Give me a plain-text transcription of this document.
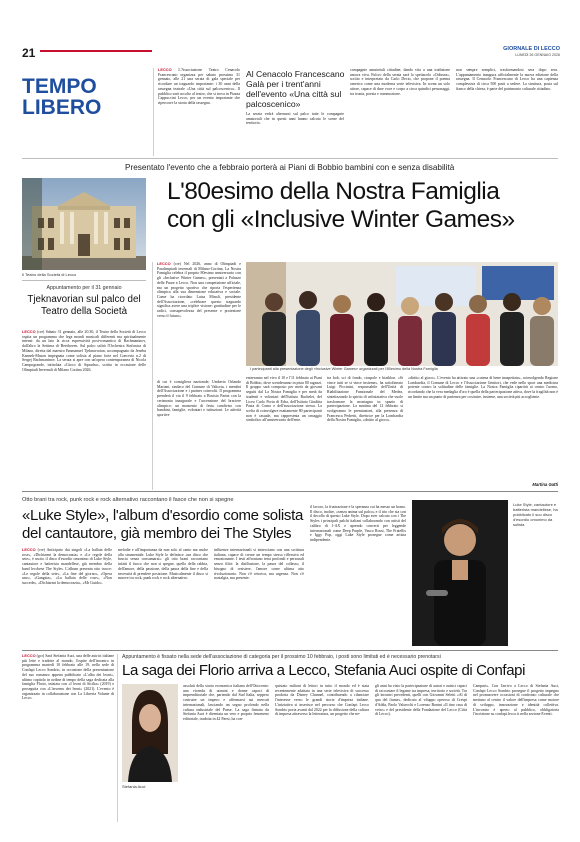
21	GIORNALE DI LECCO
LUNEDÌ 26 GENNAIO 2026
TEMPO
LIBERO
LECCO L'Associazione Teatro Cenacolo Francescano organizza per sabato prossimo 31 gennaio, alle 21 una serata di gala speciale per ricordare un traguardo importante: i 30 anni della rassegna teatrale «Una città sul palcoscenico». Il pubblico sarà accolto al teatro, che si trova in Piazza Cappuccini Lecco, per un evento importante che ripercorre la storia della rassegna.
Al Cenacolo Francescano Galà per i trent'anni dell'evento «Una città sul palcoscenico»
La serata vedrà alternarsi sul palco tutte le compagnie amatoriali che in questi anni hanno calcato le scene del territorio.
compagnie amatoriali cittadine, dando vita a una tradizione ancora viva. Fulcro della serata sarà lo spettacolo «Odissea», scritto e interpretato da Carlo Decio, che propone il poema omerico come una moderna serie televisiva. In scena un solo attore, capace di dare voce e corpo a circa quindici personaggi, tra ironia, poesia e commozione.
non sempre semplici, trasformandosi sera dopo sera. L'appuntamento inaugura ufficialmente la nuova edizione della rassegna. Il Cenacolo Francescano di Lecco ha una capienza complessiva di circa 500 posti a sedere. La struttura, posta sul fianco della chiesa, è parte del patrimonio culturale cittadino.
Presentato l'evento che a febbraio porterà ai Piani di Bobbio bambini con e senza disabilità
L'80esimo della Nostra Famiglia
con gli «Inclusive Winter Games»
Il Teatro della Società di Lecco
Appuntamento per il 31 gennaio
Tjeknavorian sul palco del Teatro della Società
LECCO (cre) Sabato 31 gennaio, alle 20.30, il Teatro della Società di Lecco ospita un programma che lega mondi musicali differenti ma spiritualmente intensi: da un lato la ricca espressività post-romantica di Rachmaninov, dall'altro la Settima di Beethoven. Sul palco salirà l'Orchestra Sinfonica di Milano, diretta dal maestro Emmanuel Tjeknavorian, accompagnato da Jeneba Kanneh-Mason impegnata come solista al piano forte nel Concerto n.2 di Sergej Rachmaninov. La serata si apre con un'opera contemporanea di Nicola Campogrande, intitolata «Gioco di Squadra», scritta in occasione delle Olimpiadi Invernali di Milano Cortina 2026.
LECCO (cre) Nel 2026, anno di Olimpiadi e Paralimpiadi invernali di Milano-Cortina, La Nostra Famiglia celebra il proprio 80esimo anniversario con gli «Inclusive Winter Games», presentati a Palazzo delle Paure a Lecco. Non una competizione ufficiale, ma un progetto sportivo che riporta l'esperienza olimpica alla sua dimensione educativa e sociale. Come ha ricordato Luisa Minoli, presidente dell'Associazione, «celebrare questo traguardo significa avere una triplice visione: gratitudine per le radici, consapevolezza del presente e proiezione verso il futuro».
di cui è consigliera nazionale; Umberto Orlando Mariani, sindaco del Comune di Valtorta, i membri dell'Associazione e i partner coinvolti. Il programma prenderà il via il 9 febbraio a Bosisio Parini con la cerimonia inaugurale e l'accensione del braciere olimpico: un momento di festa condiviso con bambini, famiglie, volontari e istituzioni. Le attività sportive
I partecipanti alla presentazione degli «Inclusive Winter Games» organizzati per l'80esimo della Nostra Famiglia
entreranno nel vivo il 10 e l'11 febbraio ai Piani di Bobbio, dove scenderanno in pista 80 ragazzi. Il gruppo sarà composto per metà da giovani seguiti dal La Nostra Famiglia e per metà da studenti e volontari dell'Istituto Bachelet, del Liceo Carlo Porta di Erba, dell'Istituto Giuditta Pasta di Como e dell'associazione stessa. La scelta di coinvolgere esattamente 80 partecipanti non è casuale, ma rappresenta un omaggio simbolico all'anniversario dell'ente.
tra bob, sci di fondo, ciaspole e biathlon. «Si vince tutti se si vince insieme», ha sottolineato Luigi Piccinini, responsabile dell'Unità di Riabilitazione Funzionale del Medea, sintetizzando lo spirito di un'iniziativa che vuole trasformare la montagna in spazio di partecipazione. La mattina del 12 febbraio si svolgeranno le premiazioni, alla presenza di Francesca Pedretti, direttrice per la Lombardia della Nostra Famiglia, «diritto al gioco».
«diritto al gioco». L'evento ha attivato una «catena di bene inaspettata», coinvolgendo Regione Lombardia, il Comune di Lecco e l'Associazione Genitori, che vede nello sport una medicina potente contro la solitudine delle famiglie. La Nostra Famiglia ripartirà ai centro l'uomo, ricordando che la vera medaglia d'oro è quella della partecipazione attiva, dove la fragilità non è un limite ma un punto di partenza per costruire, insieme, una società più accogliente.
Martina Gatti
Otto brani tra rock, punk rock e rock alternativo raccontano il fasce che non si spegne
«Luke Style», l'album d'esordio come solista
del cantautore, già membro dei The Styles
LECCO (cre) Anticipato dai singoli «La ballata delle rose», «Dichiarmi la democrazia» e «Le regole della sete», è uscito il disco d'esordio omonimo di Luke Style, cantautore e batterista mandellese, già membro della band lecchese The Styles. L'album presenta otto tracce: «Le regole della sete», «La fine del giorno», «Opera uno», «Gangsta», «La ballata delle rose», «Non succede», «Dichiarmi la democrazia», «Mr Guido».
melodie e all'importanza da non solo al canto ma anche alla strumentale. Luke Style lo definisce «un disco che brucia senza consumarsi»: gli otto brani raccontano infatti il fuoco che non si spegne, quello della rabbia, dell'amore, della passione, della paura della fine e della necessità di prendere posizione. Musicalmente il disco si muove tra rock, punk rock e rock alternativo.
influenze internazionali si intrecciano con una scrittura italiana, capace di creare un tempo stesso riflessiva ed emozionante. I testi affrontano temi profondi e personali senza filtri: la disillusione, la paura del collasso, il bisogno di resistere, l'amore come ultima atto rivoluzionario. Non c'è retorica, ma urgenza. Non c'è nostalgia, ma presente.
il lavoro, la frustrazione e la speranza cui ha messo un brano. Il disco, inoltre, «senza anima sul palco» e il trio che sta con il decollo di questo Luke Style. Dopo aver calcato con i The Styles i principali palchi italiani collaborando con artisti del calibro di J-AX e aprendo concerti per leggende internazionali come Deep Purple, Vasco Rossi, The Fratellis e Iggy Pop, oggi Luke Style prosegue come artista indipendente.
Luke Style, cantautore e batterista mandellese, ha pubblicato il suo disco d'esordio omonimo da solista
LECCO (gcr) Sarà Stefania Auci, una delle autrici italiane più lette e tradotte al mondo, l'ospite dell'incontro in programma martedì 10 febbraio alle 19, nella sede di Confapi Lecco Sondrio, in occasione della presentazione del suo romanzo appena pubblicato «L'alba dei leoni», ultimo capitolo in ordine di tempo della saga dedicata alla famiglia Florio, iniziata con «I leoni di Sicilia» (2019) e proseguita con «L'inverno dei leoni» (2021). L'evento è organizzato in collaborazione con La Libreria Volante di Lecco.
Appuntamento è fissato nella sede dell'associazione di categoria per il prossimo 10 febbraio, i posti sono limitati ed è necessario prenotarsi
La saga dei Florio arriva a Lecco, Stefania Auci ospite di Confapi
Stefania Auci
assoluti della storia economica italiana dell'Ottocento: una vicenda di uomini e donne capaci di imprenditoriale che, partendo dal Sud Italia, seppero costruire un impero e affermarsi sui mercati internazionali, lasciando un segno profondo nella cultura industriale del Paese. La saga firmata da Stefania Auci è diventata un vero e proprio fenomeno editoriale, tradotta in 42 Paesi, ha con-
quistato milioni di lettori in tutto il mondo ed è stata recentemente adattata in una serie televisiva di successo prodotta da Disney Channel, contribuendo a rilanciare l'interesse verso le grandi storie d'impresa italiane. L'iniziativa si inserisce nel percorso che Confapi Lecco Sondrio porta avanti dal 2022 per la diffusione della cultura di impresa attraverso la letteratura, un progetto che ne-
gli anni ha visto la partecipazione di autori e autrici capaci di raccontare il legame tra impresa, territorio e società. Tra gli incontri precedenti, quelli con Giovanni Seletti «Al di qua del fiume», dedicato al viluppo operoso di Crespi d'Adda, Paolo Valsecchi e Lorenzo Bonini «Il tino casa di vetro» e del presidente della Fondazione del Lecco (Città di Lecco).
Campari». Con l'arrivo a Lecco di Stefania Auci, Confapi Lecco Sondrio prosegue il progetto impegno nel promuovere occasioni di confronto culturale che mettano al centro il valore dell'impresa come motore di sviluppo, innovazione e identità collettiva. L'incontro è aperto al pubblico, obbligatoria l'iscrizione su confapi.lecco.it nella sezione Eventi.
